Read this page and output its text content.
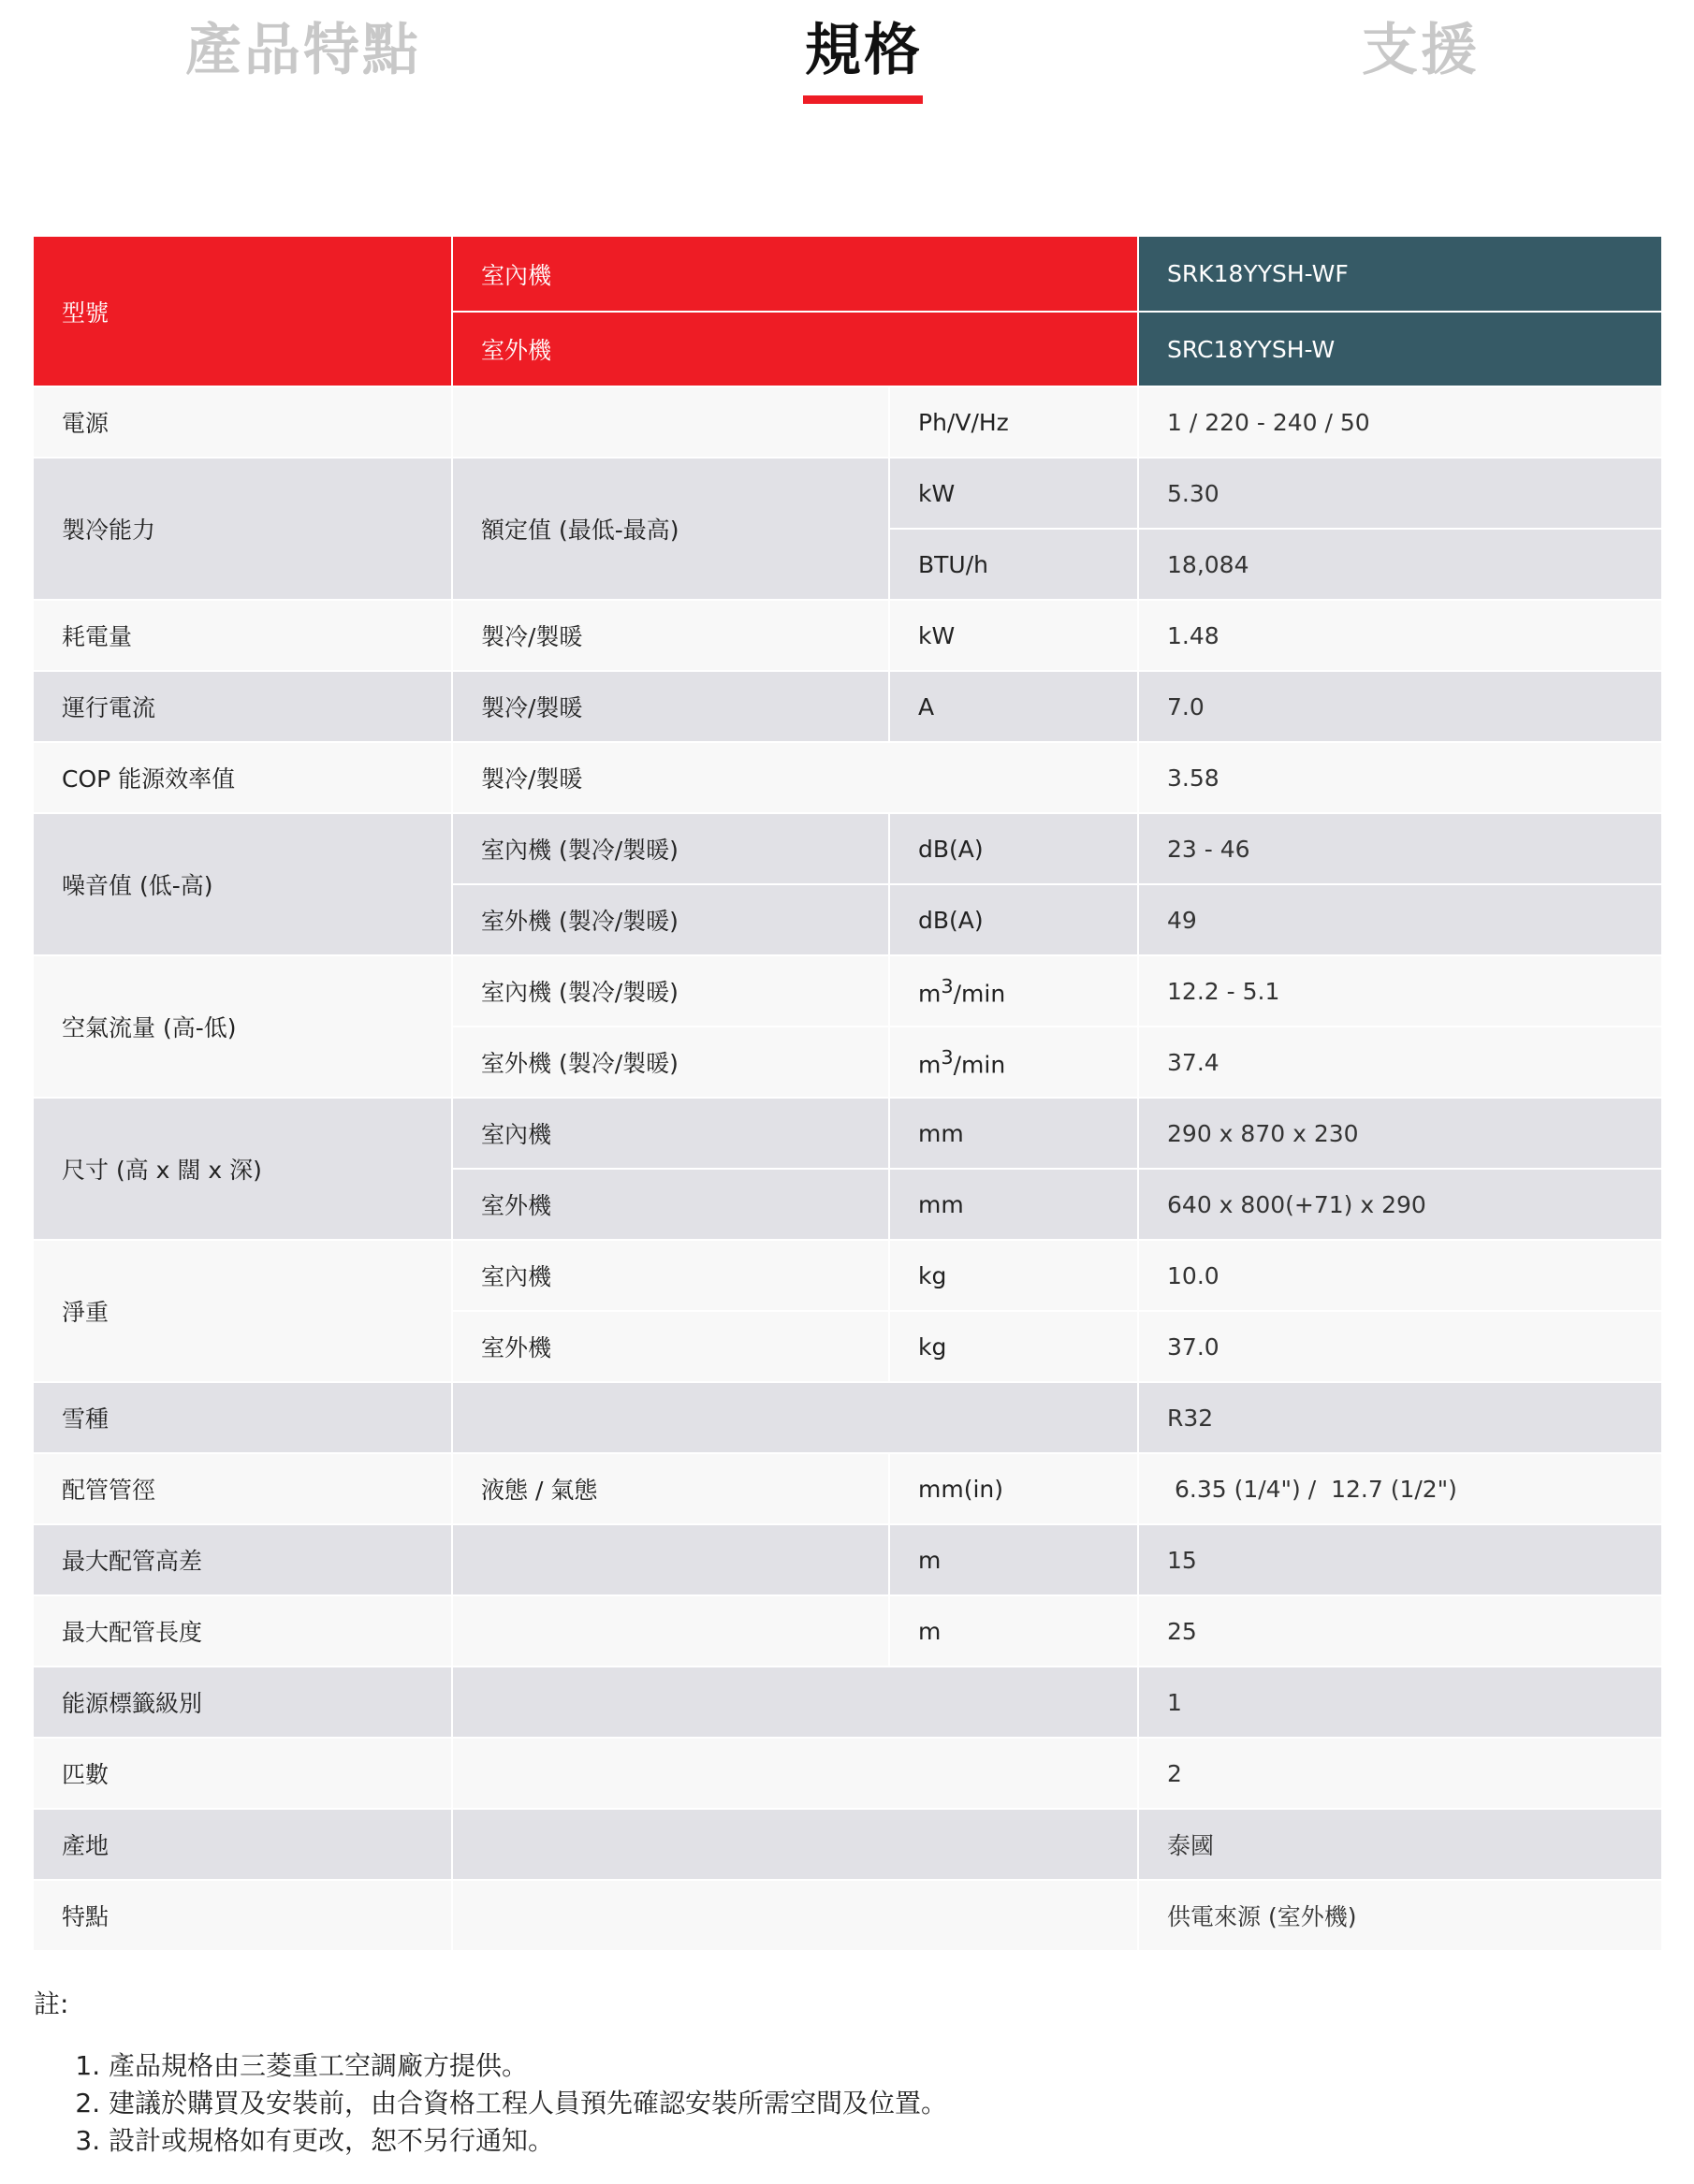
產品特點	規格	支援
型號	室內機		SRK18YYSH-WF
	室外機		SRC18YYSH-W
電源		Ph/V/Hz	1 / 220 - 240 / 50
製冷能力	額定值 (最低-最高)	kW	5.30
		BTU/h	18,084
耗電量	製冷/製暖	kW	1.48
運行電流	製冷/製暖	A	7.0
COP 能源效率值	製冷/製暖		3.58
噪音值 (低-高)	室內機 (製冷/製暖)	dB(A)	23 - 46
	室外機 (製冷/製暖)	dB(A)	49
空氣流量 (高-低)	室內機 (製冷/製暖)	$m^3/\min$	12.2 - 5.1
	室外機 (製冷/製暖)	$m^3/\min$	37.4
尺寸 (高 x 闊 x 深)	室內機	mm	290 x 870 x 230
	室外機	mm	640 x 800(+71) x 290
淨重	室內機	kg	10.0
	室外機	kg	37.0
雪種			R32
配管管徑	液態 / 氣態	mm(in)	6.35 (1/4") /  12.7 (1/2")
最大配管高差		m	15
最大配管長度		m	25
能源標籤級別			1
匹數			2
產地			泰國
特點			供電來源 (室外機)
註:
1. 產品規格由三菱重工空調廠方提供。
2. 建議於購買及安裝前，由合資格工程人員預先確認安裝所需空間及位置。
3. 設計或規格如有更改，恕不另行通知。
